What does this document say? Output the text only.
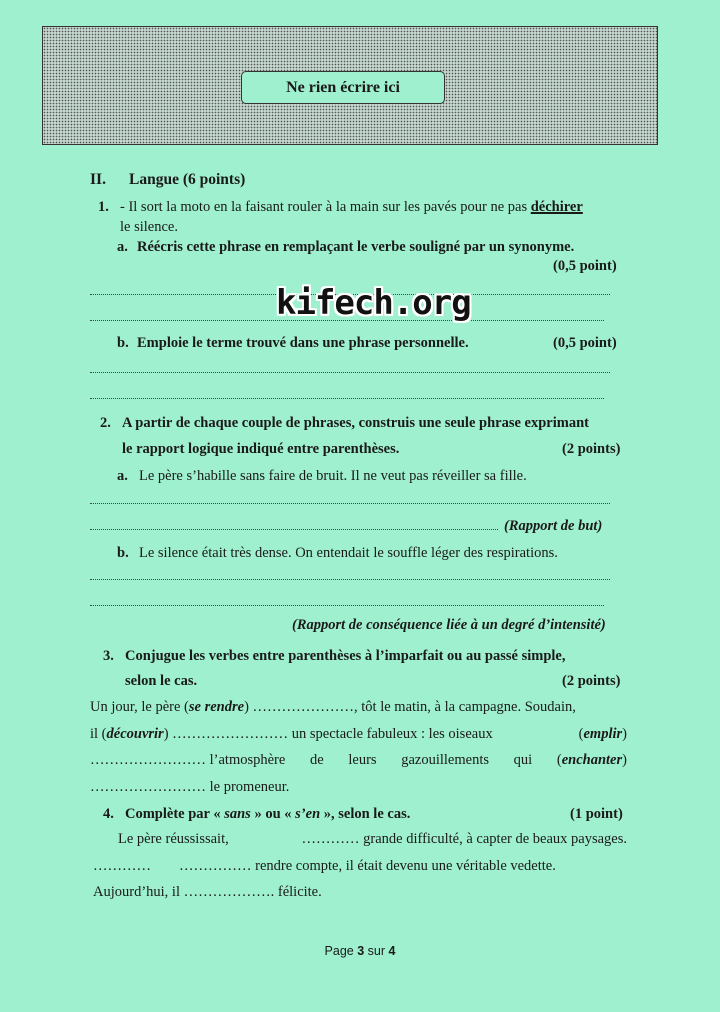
Ne rien écrire ici
II. Langue (6 points)
1. - Il sort la moto en la faisant rouler à la main sur les pavés pour ne pas déchirer
le silence.
a. Réécris cette phrase en remplaçant le verbe souligné par un synonyme.
(0,5 point)
b. Emploie le terme trouvé dans une phrase personnelle.	(0,5 point)
kifech.org
2. A partir de chaque couple de phrases, construis une seule phrase exprimant
le rapport logique indiqué entre parenthèses.	(2 points)
a. Le père s’habille sans faire de bruit. Il ne veut pas réveiller sa fille.
(Rapport de but)
b. Le silence était très dense. On entendait le souffle léger des respirations.
(Rapport de conséquence liée à un degré d’intensité)
3. Conjugue les verbes entre parenthèses à l’imparfait ou au passé simple,
selon le cas.	(2 points)
Un jour, le père (se rendre) …………………, tôt le matin, à la campagne. Soudain,
il (découvrir) …………………… un spectacle fabuleux : les oiseaux	(emplir)
…………………… l’atmosphère de leurs gazouillements qui (enchanter)
…………………… le promeneur.
4. Complète par « sans » ou « s’en », selon le cas.	(1 point)
Le père réussissait,	………… grande difficulté, à capter de beaux paysages.
………… …………… rendre compte, il était devenu une véritable vedette.
Aujourd’hui, il ………………. félicite.
Page 3 sur 4
